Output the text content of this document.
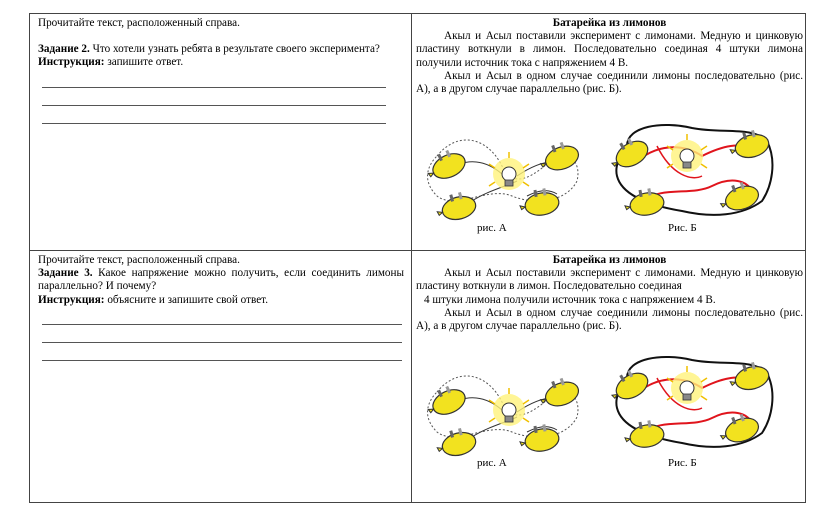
Прочитайте текст, расположенный справа.

Задание 2. Что хотели узнать ребята в результате своего эксперимента?

Инструкция: запишите ответ.

Батарейка из лимонов

Акыл и Асыл поставили эксперимент с лимонами. Медную и цинковую пластину воткнули в лимон. Последовательно соединая 4 штуки лимона получили источник тока с напряжением 4 В.

Акыл и Асыл в одном случае соединили лимоны последовательно (рис. А), а в другом случае параллельно (рис. Б).

Прочитайте текст, расположенный справа.

Задание 3. Какое напряжение можно получить, если соединить лимоны параллельно? И почему?

Инструкция: объясните и запишите свой ответ.

Батарейка из лимонов

Акыл и Асыл поставили эксперимент с лимонами. Медную и цинковую пластину воткнули в лимон. Последовательно соединая

4 штуки лимона получили источник тока с напряжением 4 В.

Акыл и Асыл в одном случае соединили лимоны последовательно (рис. А), а в другом случае параллельно (рис. Б).

рис. А	Рис. Б
рис. А	Рис. Б
